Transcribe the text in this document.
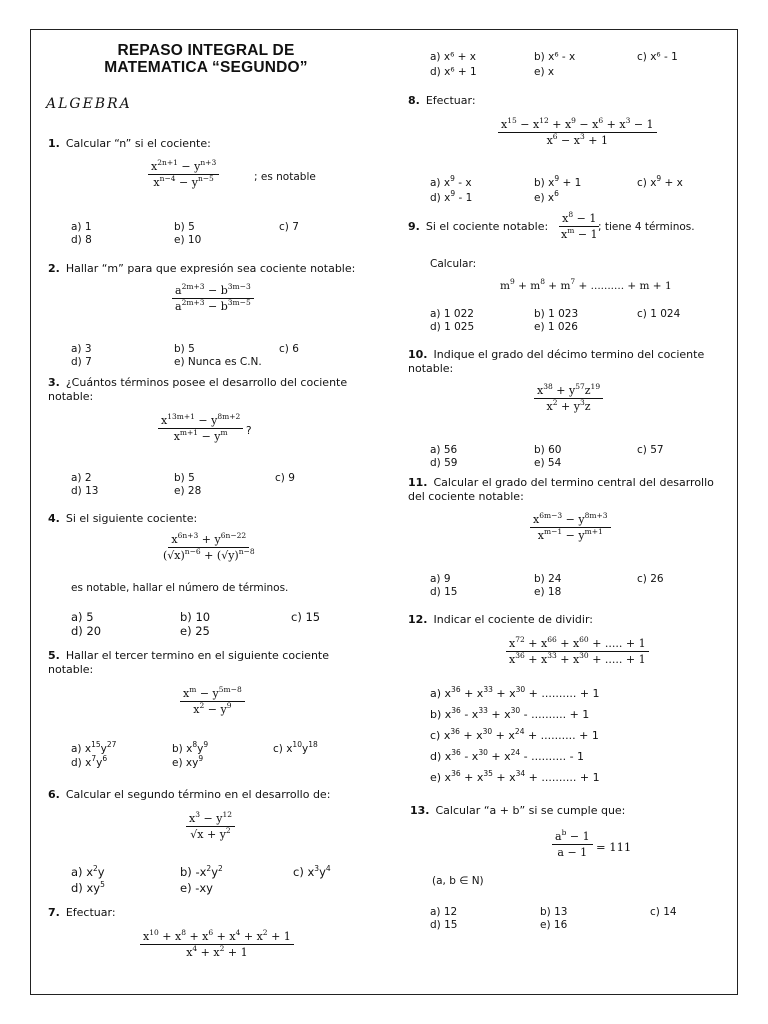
REPASO INTEGRAL DE
MATEMATICA “SEGUNDO”
ALGEBRA
1. Calcular “n” si el cociente:
$\frac{x^{2n+1} - y^{n+3}}{x^{n-4} - y^{n-5}}$	; es notable
a) 1	b) 5	c) 7
d) 8	e) 10
2. Hallar “m” para que expresión sea cociente notable:
$\frac{a^{2m+3} - b^{3m-3}}{a^{2m+3} - b^{3m-5}}$
a) 3	b) 5	c) 6
d) 7	e) Nunca es C.N.
3. ¿Cuántos términos posee el desarrollo del cociente notable:
$\frac{x^{13m+1} - y^{8m+2}}{x^{m+1} - y^m}$ ?
a) 2	b) 5	c) 9
d) 13	e) 28
4. Si el siguiente cociente:
$\frac{x^{6n+3} + y^{6n-22}}{(√x)^{n-6} + (√y)^{n-8}}$
es notable, hallar el número de términos.
a) 5	b) 10	c) 15
d) 20	e) 25
5. Hallar el tercer termino en el siguiente cociente notable:
$\frac{x^m - y^{5m-8}}{x^2 - y^9}$
a) $x^{15}y^{27}$	b) $x^8y^9$	c) $x^{10}y^{18}$
d) $x^7y^6$	e) $xy^9$
6. Calcular el segundo término en el desarrollo de:
$\frac{x^3 - y^{12}}{√x + y^2}$
a) $x^2y$	b) $-x^2y^2$	c) $x^3y^4$
d) $xy^5$	e) -xy
7. Efectuar:
$\frac{x^{10} + x^8 + x^6 + x^4 + x^2 + 1}{x^4 + x^2 + 1}$
a) x⁶ + x	b) x⁶ - x	c) x⁶ - 1
d) x⁶ + 1	e) x
8. Efectuar:
$\frac{x^{15} - x^{12} + x^9 - x^6 + x^3 - 1}{x^6 - x^3 + 1}$
a) $x^9$ - x	b) $x^9 + 1$	c) $x^9 + x$
d) $x^9 - 1$	e) $x^6$
9. Si el cociente notable: $\frac{x^8 - 1}{x^m - 1}$
; tiene 4 términos.
Calcular:
$m^9 + m^8 + m^7$ + .......... + m + 1
a) 1 022	b) 1 023	c) 1 024
d) 1 025	e) 1 026
10. Indique el grado del décimo termino del cociente notable:
$\frac{x^{38} + y^{57}z^{19}}{x^2 + y^3z}$
a) 56	b) 60	c) 57
d) 59	e) 54
11. Calcular el grado del termino central del desarrollo del cociente notable:
$\frac{x^{6m-3} - y^{8m+3}}{x^{m-1} - y^{m+1}}$
a) 9	b) 24	c) 26
d) 15	e) 18
12. Indicar el cociente de dividir:
$\frac{x^{72} + x^{66} + x^{60} + ..... + 1}{x^{36} + x^{33} + x^{30} + ..... + 1}$
a) $x^{36} + x^{33} + x^{30}$ + .......... + 1
b) $x^{36} - x^{33} + x^{30}$ - .......... + 1
c) $x^{36} + x^{30} + x^{24}$ + .......... + 1
d) $x^{36} - x^{30} + x^{24}$ - .......... - 1
e) $x^{36} + x^{35} + x^{34}$ + .......... + 1
13. Calcular “a + b” si se cumple que:
$\frac{a^b - 1}{a - 1} = 111$
(a, b ∈ N)
a) 12	b) 13	c) 14
d) 15	e) 16
